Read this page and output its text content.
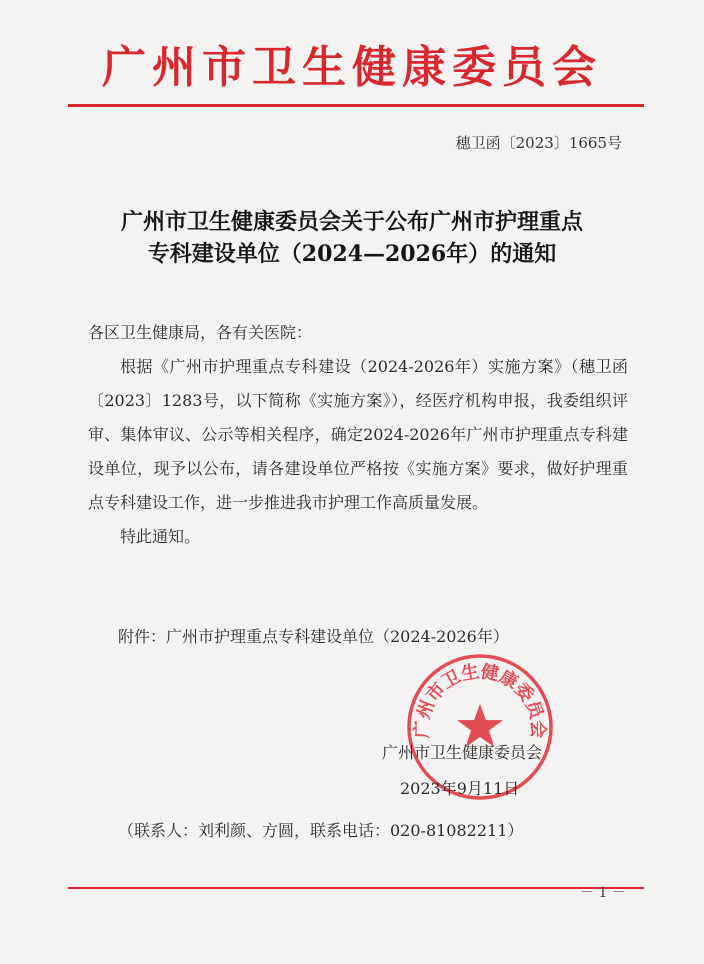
广州市卫生健康委员会
穗卫函〔2023〕1665号
广州市卫生健康委员会关于公布广州市护理重点
专科建设单位（2024—2026年）的通知

各区卫生健康局，各有关医院：

根据《广州市护理重点专科建设（2024-2026年）实施方案》（穗卫函〔2023〕1283号，以下简称《实施方案》），经医疗机构申报，我委组织评审、集体审议、公示等相关程序，确定2024-2026年广州市护理重点专科建设单位，现予以公布，请各建设单位严格按《实施方案》要求，做好护理重点专科建设工作，进一步推进我市护理工作高质量发展。

特此通知。

附件：广州市护理重点专科建设单位（2024-2026年）
广州市卫生健康委员会
广州市卫生健康委员会
2023年9月11日
（联系人：刘利颜、方圆，联系电话：020-81082211）
－ 1 －
